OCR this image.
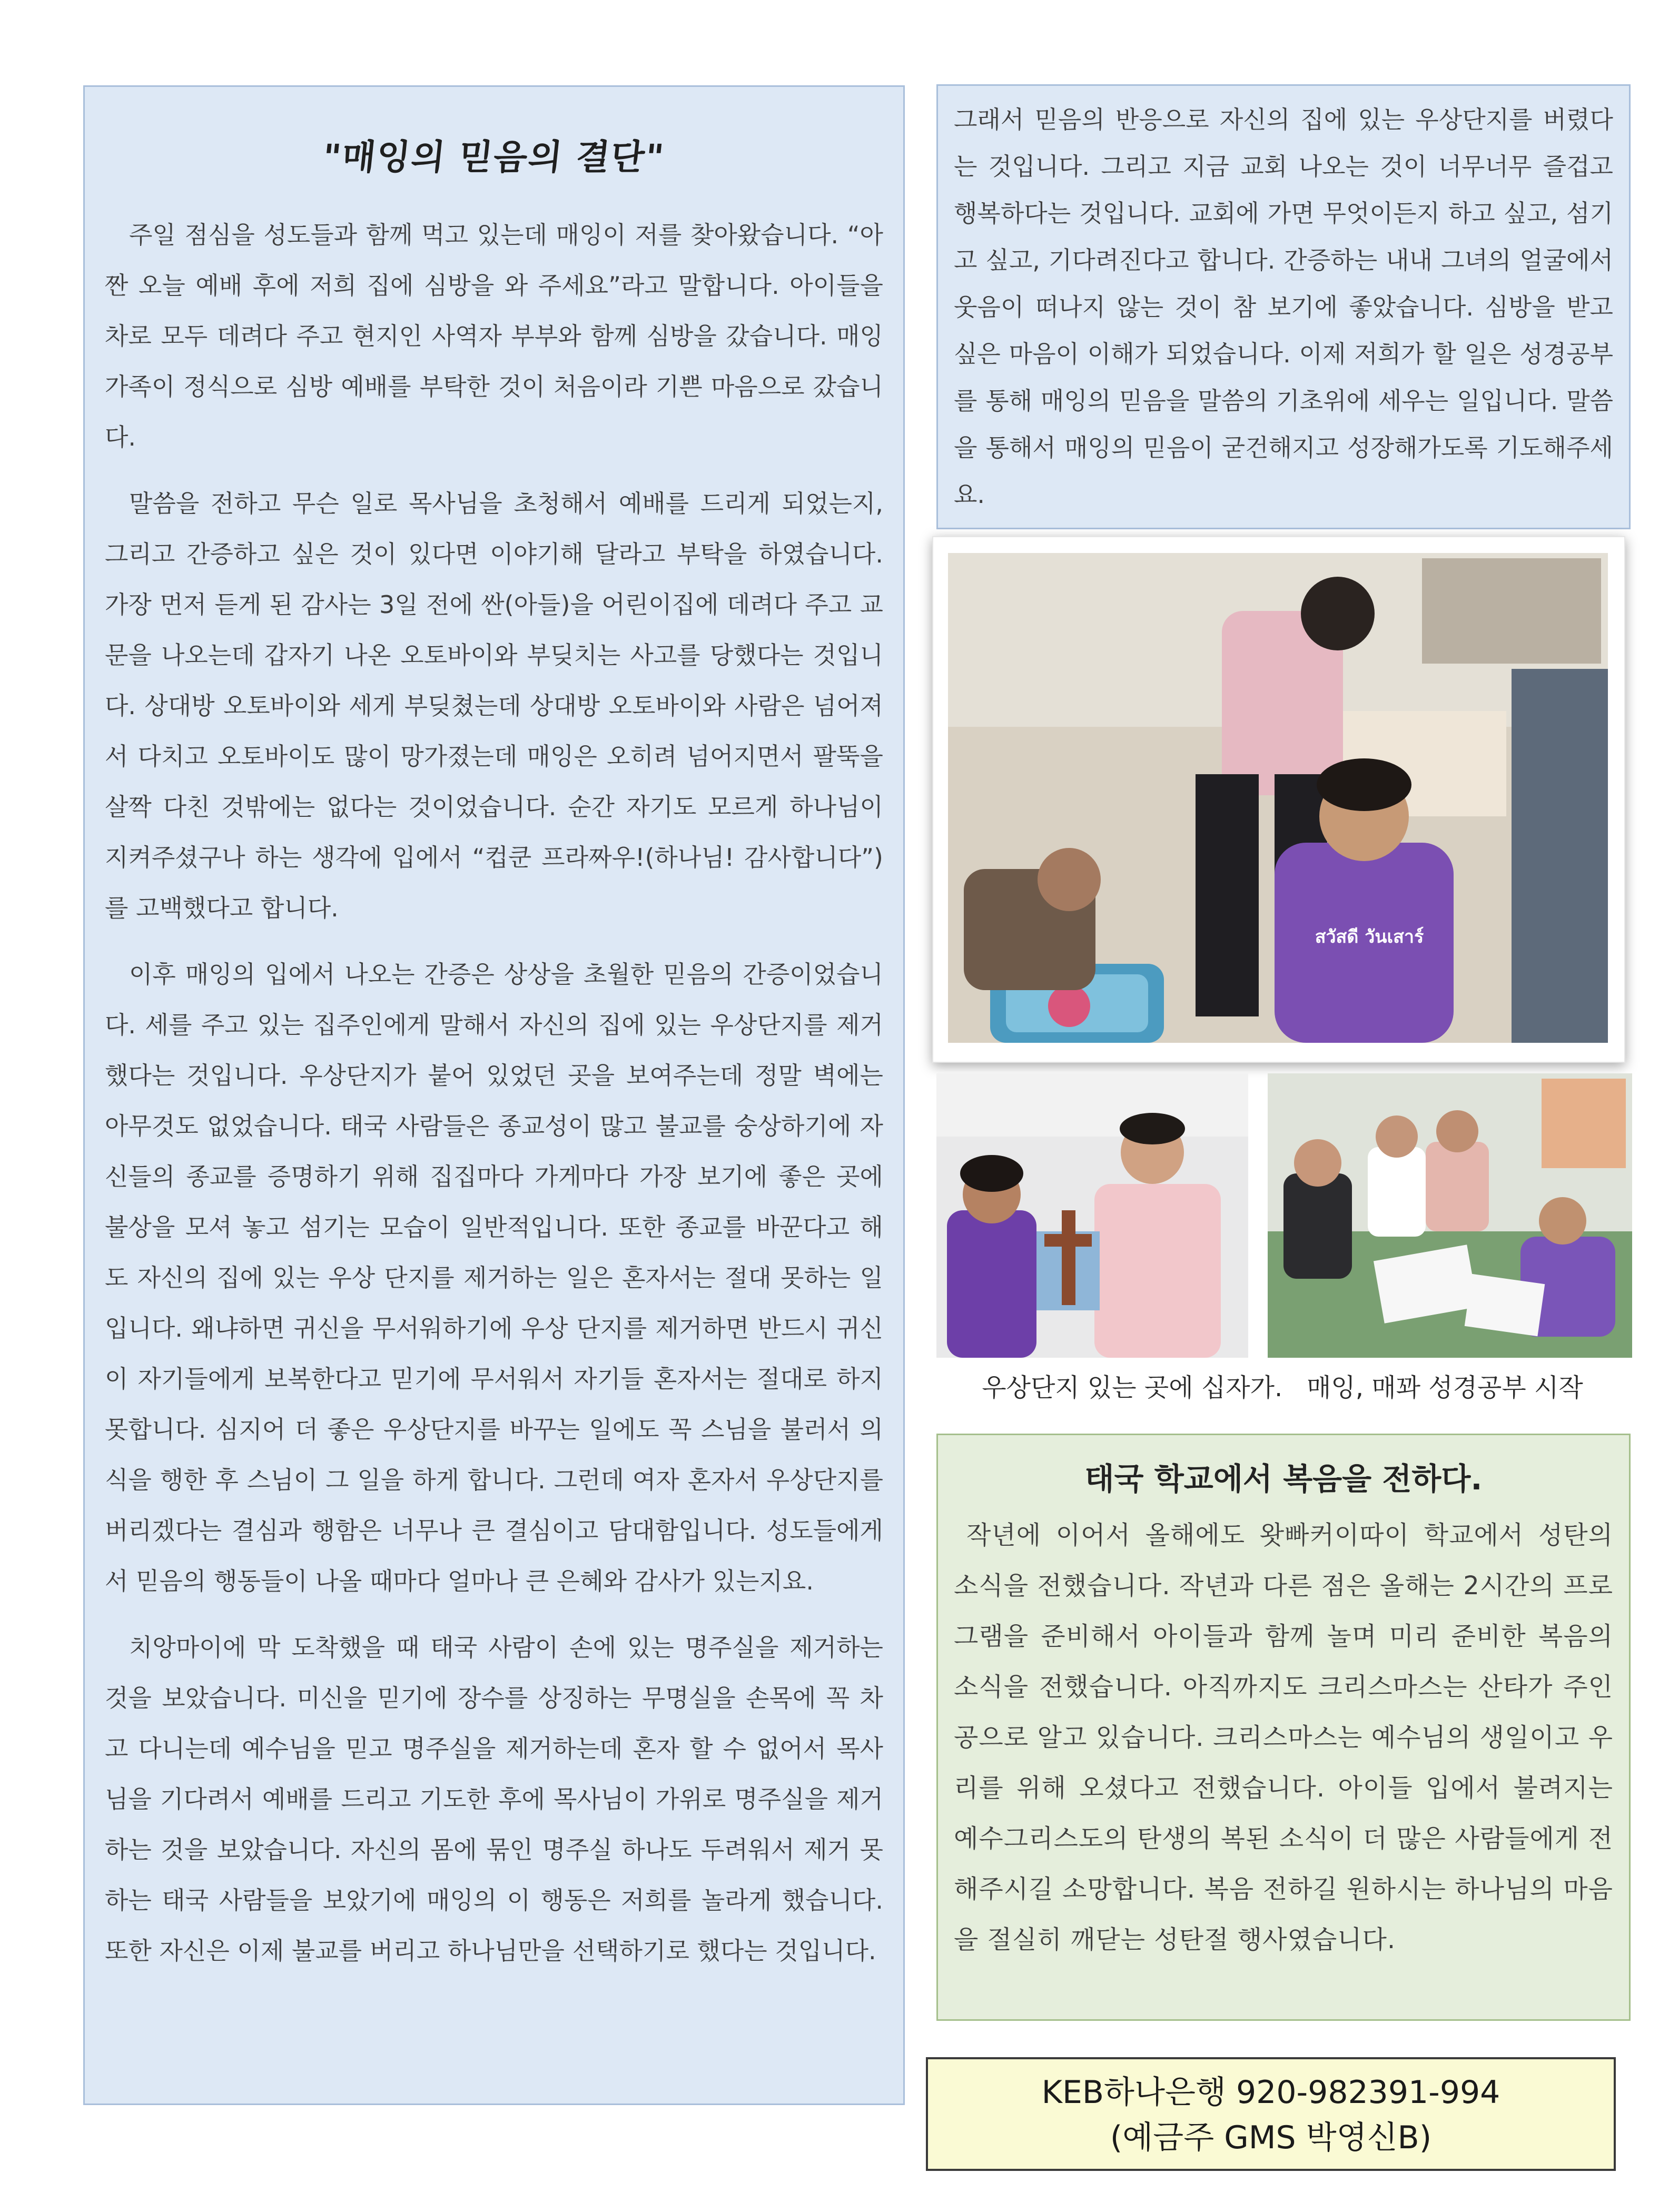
"매잉의 믿음의 결단"

주일 점심을 성도들과 함께 먹고 있는데 매잉이 저를 찾아왔습니다. “아짠 오늘 예배 후에 저희 집에 심방을 와 주세요”라고 말합니다. 아이들을 차로 모두 데려다 주고 현지인 사역자 부부와 함께 심방을 갔습니다. 매잉 가족이 정식으로 심방 예배를 부탁한 것이 처음이라 기쁜 마음으로 갔습니다.

말씀을 전하고 무슨 일로 목사님을 초청해서 예배를 드리게 되었는지, 그리고 간증하고 싶은 것이 있다면 이야기해 달라고 부탁을 하였습니다. 가장 먼저 듣게 된 감사는 3일 전에 싼(아들)을 어린이집에 데려다 주고 교문을 나오는데 갑자기 나온 오토바이와 부딪치는 사고를 당했다는 것입니다. 상대방 오토바이와 세게 부딪쳤는데 상대방 오토바이와 사람은 넘어져서 다치고 오토바이도 많이 망가졌는데 매잉은 오히려 넘어지면서 팔뚝을 살짝 다친 것밖에는 없다는 것이었습니다. 순간 자기도 모르게 하나님이 지켜주셨구나 하는 생각에 입에서 “컵쿤 프라짜우!(하나님! 감사합니다”)를 고백했다고 합니다.

이후 매잉의 입에서 나오는 간증은 상상을 초월한 믿음의 간증이었습니다. 세를 주고 있는 집주인에게 말해서 자신의 집에 있는 우상단지를 제거했다는 것입니다. 우상단지가 붙어 있었던 곳을 보여주는데 정말 벽에는 아무것도 없었습니다. 태국 사람들은 종교성이 많고 불교를 숭상하기에 자신들의 종교를 증명하기 위해 집집마다 가게마다 가장 보기에 좋은 곳에 불상을 모셔 놓고 섬기는 모습이 일반적입니다. 또한 종교를 바꾼다고 해도 자신의 집에 있는 우상 단지를 제거하는 일은 혼자서는 절대 못하는 일입니다. 왜냐하면 귀신을 무서워하기에 우상 단지를 제거하면 반드시 귀신이 자기들에게 보복한다고 믿기에 무서워서 자기들 혼자서는 절대로 하지 못합니다. 심지어 더 좋은 우상단지를 바꾸는 일에도 꼭 스님을 불러서 의식을 행한 후 스님이 그 일을 하게 합니다. 그런데 여자 혼자서 우상단지를 버리겠다는 결심과 행함은 너무나 큰 결심이고 담대함입니다. 성도들에게서 믿음의 행동들이 나올 때마다 얼마나 큰 은혜와 감사가 있는지요.

치앙마이에 막 도착했을 때 태국 사람이 손에 있는 명주실을 제거하는 것을 보았습니다. 미신을 믿기에 장수를 상징하는 무명실을 손목에 꼭 차고 다니는데 예수님을 믿고 명주실을 제거하는데 혼자 할 수 없어서 목사님을 기다려서 예배를 드리고 기도한 후에 목사님이 가위로 명주실을 제거하는 것을 보았습니다. 자신의 몸에 묶인 명주실 하나도 두려워서 제거 못하는 태국 사람들을 보았기에 매잉의 이 행동은 저희를 놀라게 했습니다. 또한 자신은 이제 불교를 버리고 하나님만을 선택하기로 했다는 것입니다.

그래서 믿음의 반응으로 자신의 집에 있는 우상단지를 버렸다는 것입니다. 그리고 지금 교회 나오는 것이 너무너무 즐겁고 행복하다는 것입니다. 교회에 가면 무엇이든지 하고 싶고, 섬기고 싶고, 기다려진다고 합니다. 간증하는 내내 그녀의 얼굴에서 웃음이 떠나지 않는 것이 참 보기에 좋았습니다. 심방을 받고 싶은 마음이 이해가 되었습니다. 이제 저희가 할 일은 성경공부를 통해 매잉의 믿음을 말씀의 기초위에 세우는 일입니다. 말씀을 통해서 매잉의 믿음이 굳건해지고 성장해가도록 기도해주세요.

สวัสดี วันเสาร์
우상단지 있는 곳에 십자가.   매잉, 매꽈 성경공부 시작
태국 학교에서 복음을 전하다.

작년에 이어서 올해에도 왓빠커이따이 학교에서 성탄의 소식을 전했습니다. 작년과 다른 점은 올해는 2시간의 프로그램을 준비해서 아이들과 함께 놀며 미리 준비한 복음의 소식을 전했습니다. 아직까지도 크리스마스는 산타가 주인공으로 알고 있습니다. 크리스마스는 예수님의 생일이고 우리를 위해 오셨다고 전했습니다. 아이들 입에서 불려지는 예수그리스도의 탄생의 복된 소식이 더 많은 사람들에게 전해주시길 소망합니다. 복음 전하길 원하시는 하나님의 마음을 절실히 깨닫는 성탄절 행사였습니다.

KEB하나은행 920-982391-994
(예금주 GMS 박영신B)
